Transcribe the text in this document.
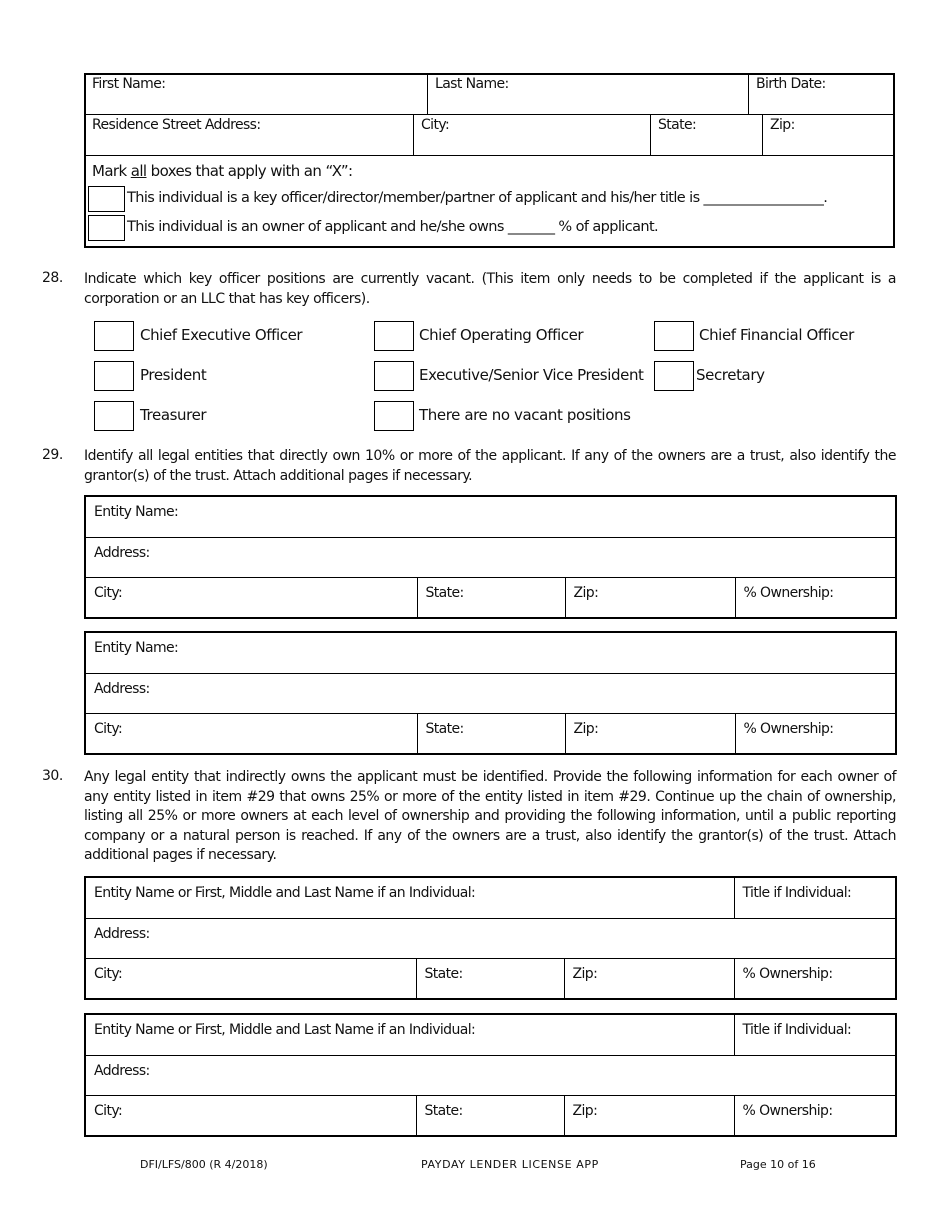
First Name:	Last Name:	Birth Date:
Residence Street Address:	City:	State:	Zip:
Mark all boxes that apply with an “X”:
This individual is a key officer/director/member/partner of applicant and his/her title is __________________.
This individual is an owner of applicant and he/she owns _______ % of applicant.
28. Indicate which key officer positions are currently vacant. (This item only needs to be completed if the applicant is a corporation or an LLC that has key officers).
Chief Executive Officer	Chief Operating Officer	Chief Financial Officer
President	Executive/Senior Vice President	Secretary
Treasurer	There are no vacant positions
29. Identify all legal entities that directly own 10% or more of the applicant. If any of the owners are a trust, also identify the grantor(s) of the trust. Attach additional pages if necessary.
Entity Name:
Address:
City:	State:	Zip:	% Ownership:
Entity Name:
Address:
City:	State:	Zip:	% Ownership:
30. Any legal entity that indirectly owns the applicant must be identified. Provide the following information for each owner of any entity listed in item #29 that owns 25% or more of the entity listed in item #29. Continue up the chain of ownership, listing all 25% or more owners at each level of ownership and providing the following information, until a public reporting company or a natural person is reached. If any of the owners are a trust, also identify the grantor(s) of the trust. Attach additional pages if necessary.
Entity Name or First, Middle and Last Name if an Individual:			Title if Individual:
Address:			
City:	State:	Zip:	% Ownership:
Entity Name or First, Middle and Last Name if an Individual:			Title if Individual:
Address:			
City:	State:	Zip:	% Ownership:
DFI/LFS/800 (R 4/2018)	PAYDAY LENDER LICENSE APP	Page 10 of 16
